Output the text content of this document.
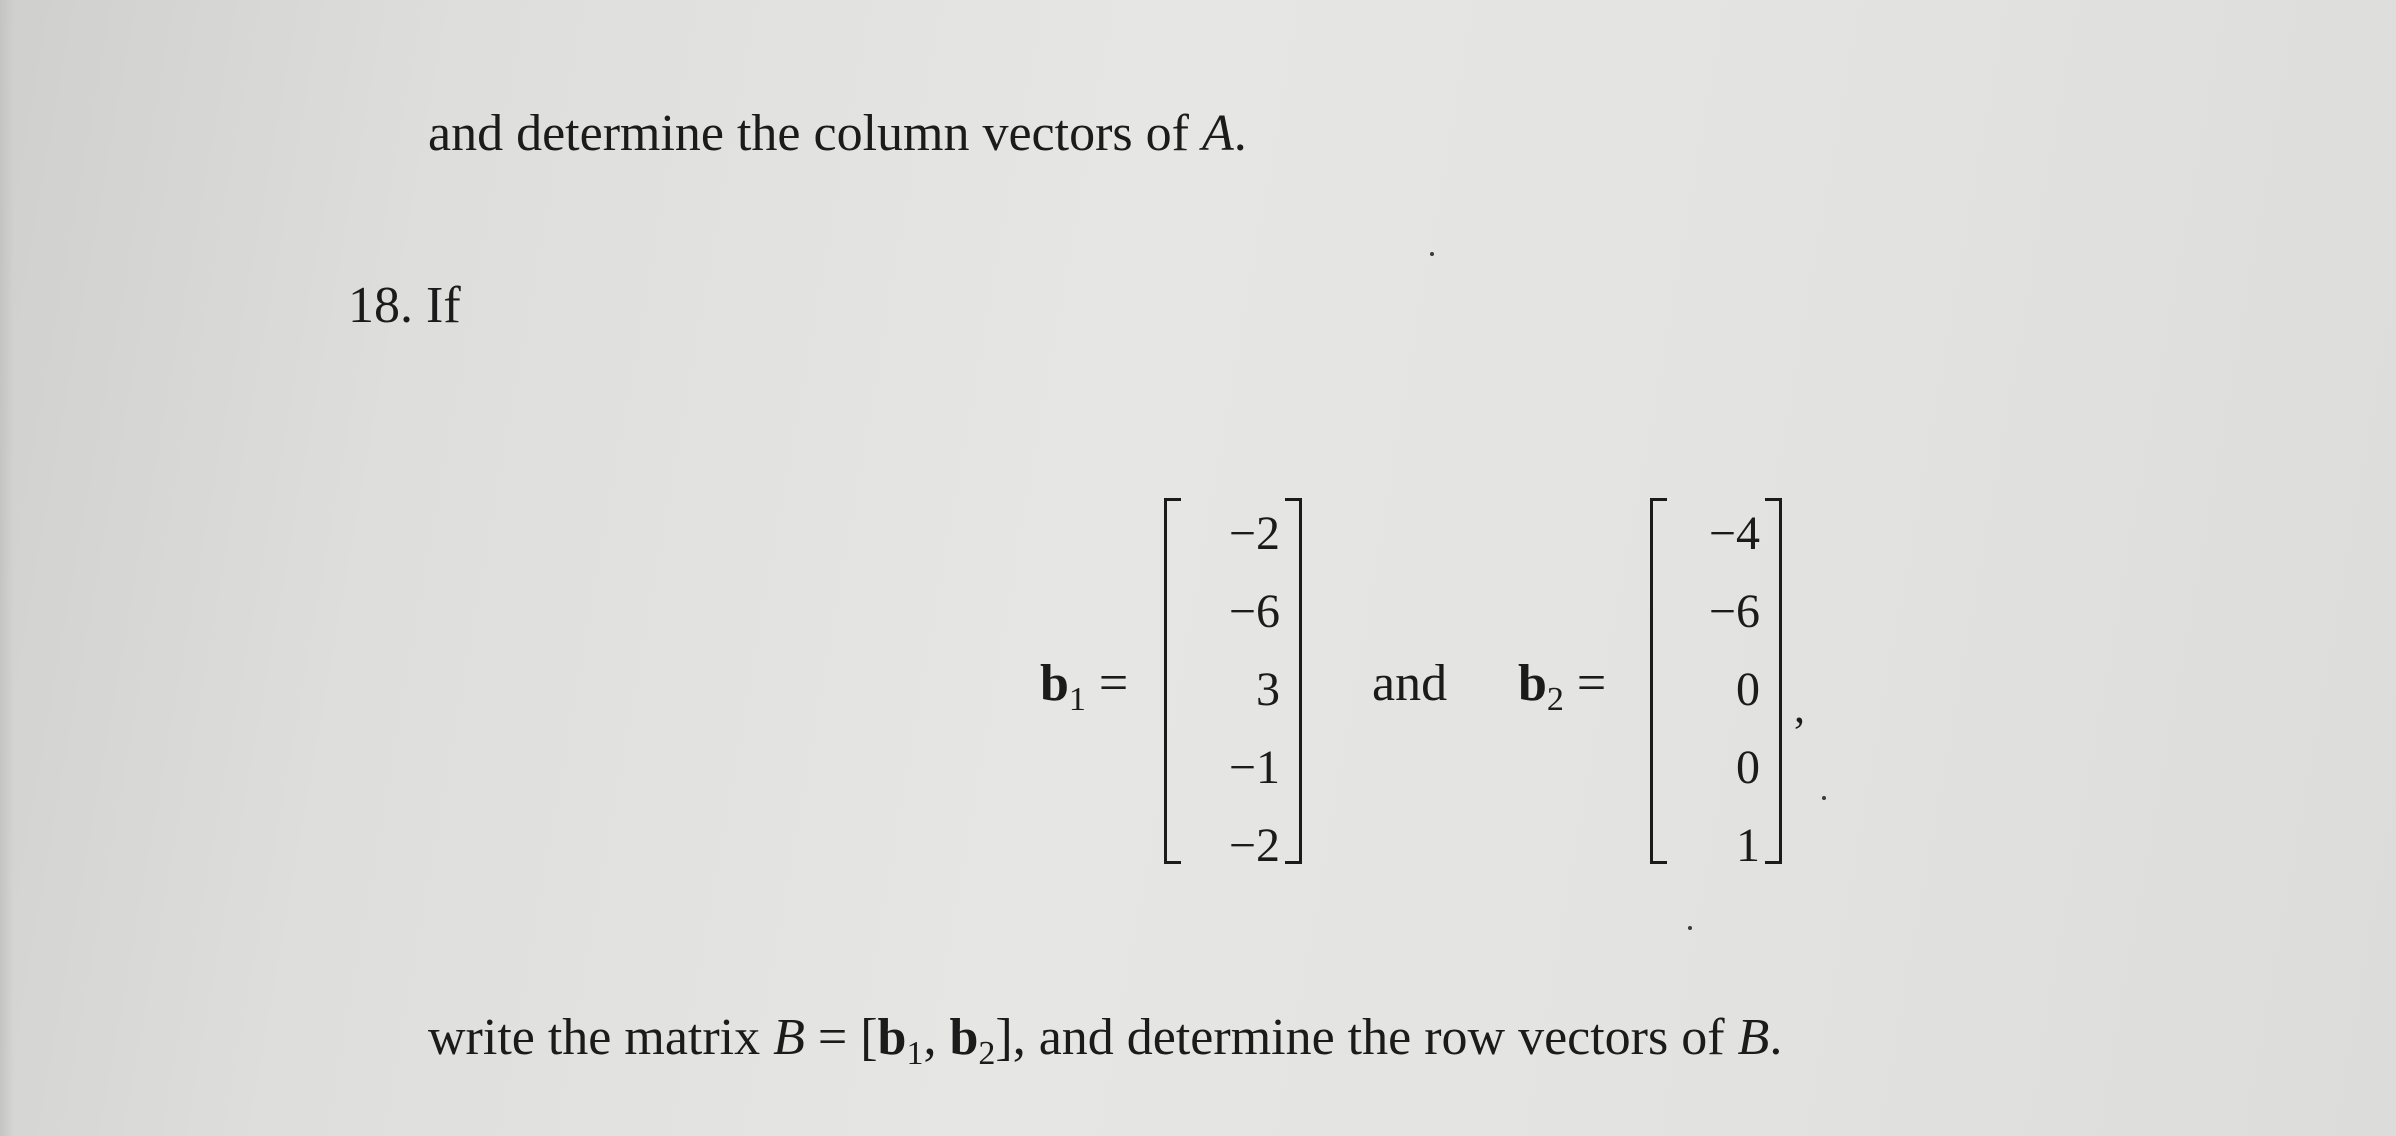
and determine the column vectors of A.
18. If
b1 =
−2
−6
3
−1
−2
and b2 =
−4
−6
0
0
1
,
write the matrix B = [b1, b2], and determine the row vectors of B.
